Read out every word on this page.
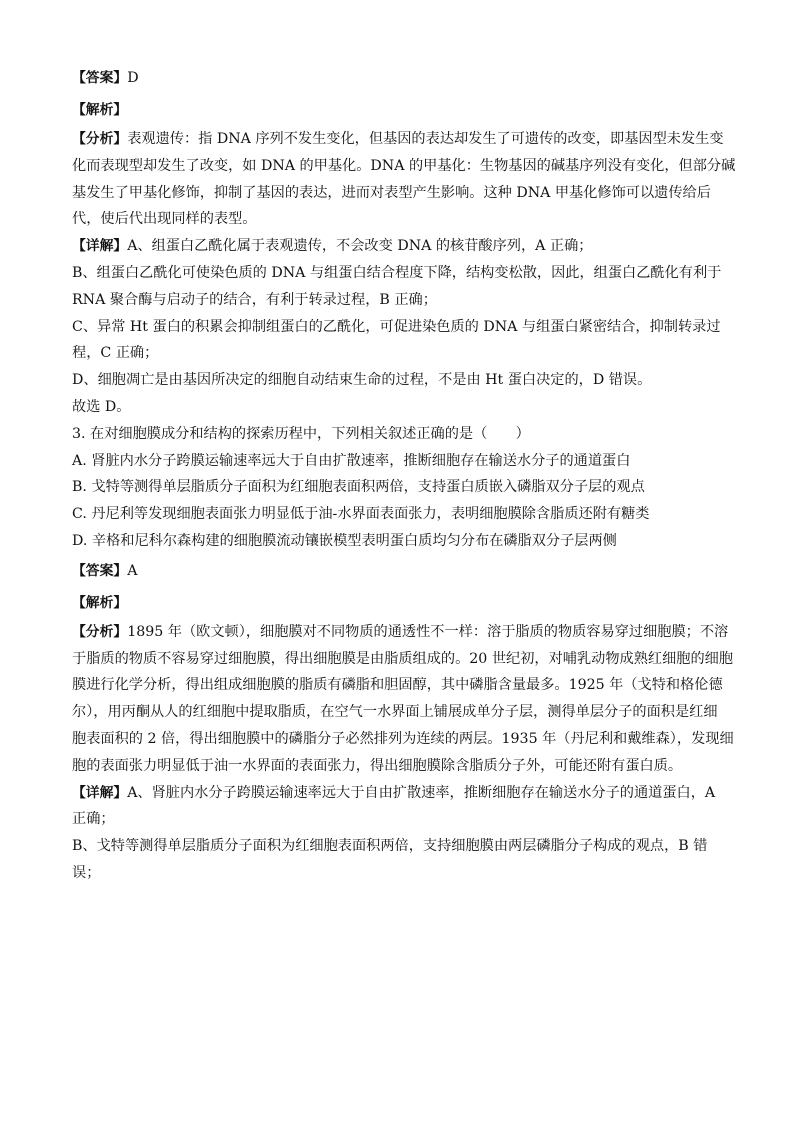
【答案】D
【解析】
【分析】表观遗传：指 DNA 序列不发生变化，但基因的表达却发生了可遗传的改变，即基因型未发生变
化而表现型却发生了改变，如 DNA 的甲基化。DNA 的甲基化：生物基因的碱基序列没有变化，但部分碱
基发生了甲基化修饰，抑制了基因的表达，进而对表型产生影响。这种 DNA 甲基化修饰可以遗传给后
代，使后代出现同样的表型。
【详解】A、组蛋白乙酰化属于表观遗传，不会改变 DNA 的核苷酸序列，A 正确；
B、组蛋白乙酰化可使染色质的 DNA 与组蛋白结合程度下降，结构变松散，因此，组蛋白乙酰化有利于
RNA 聚合酶与启动子的结合，有利于转录过程，B 正确；
C、异常 Ht 蛋白的积累会抑制组蛋白的乙酰化，可促进染色质的 DNA 与组蛋白紧密结合，抑制转录过
程，C 正确；
D、细胞凋亡是由基因所决定的细胞自动结束生命的过程，不是由 Ht 蛋白决定的，D 错误。
故选 D。
3. 在对细胞膜成分和结构的探索历程中，下列相关叙述正确的是（　　）
A. 肾脏内水分子跨膜运输速率远大于自由扩散速率，推断细胞存在输送水分子的通道蛋白
B. 戈特等测得单层脂质分子面积为红细胞表面积两倍，支持蛋白质嵌入磷脂双分子层的观点
C. 丹尼利等发现细胞表面张力明显低于油-水界面表面张力，表明细胞膜除含脂质还附有糖类
D. 辛格和尼科尔森构建的细胞膜流动镶嵌模型表明蛋白质均匀分布在磷脂双分子层两侧
【答案】A
【解析】
【分析】1895 年（欧文顿），细胞膜对不同物质的通透性不一样：溶于脂质的物质容易穿过细胞膜；不溶
于脂质的物质不容易穿过细胞膜，得出细胞膜是由脂质组成的。20 世纪初，对哺乳动物成熟红细胞的细胞
膜进行化学分析，得出组成细胞膜的脂质有磷脂和胆固醇，其中磷脂含量最多。1925 年（戈特和格伦德
尔），用丙酮从人的红细胞中提取脂质，在空气一水界面上铺展成单分子层，测得单层分子的面积是红细
胞表面积的 2 倍，得出细胞膜中的磷脂分子必然排列为连续的两层。1935 年（丹尼利和戴维森），发现细
胞的表面张力明显低于油一水界面的表面张力，得出细胞膜除含脂质分子外，可能还附有蛋白质。
【详解】A、肾脏内水分子跨膜运输速率远大于自由扩散速率，推断细胞存在输送水分子的通道蛋白，A
正确；
B、戈特等测得单层脂质分子面积为红细胞表面积两倍，支持细胞膜由两层磷脂分子构成的观点，B 错
误；
